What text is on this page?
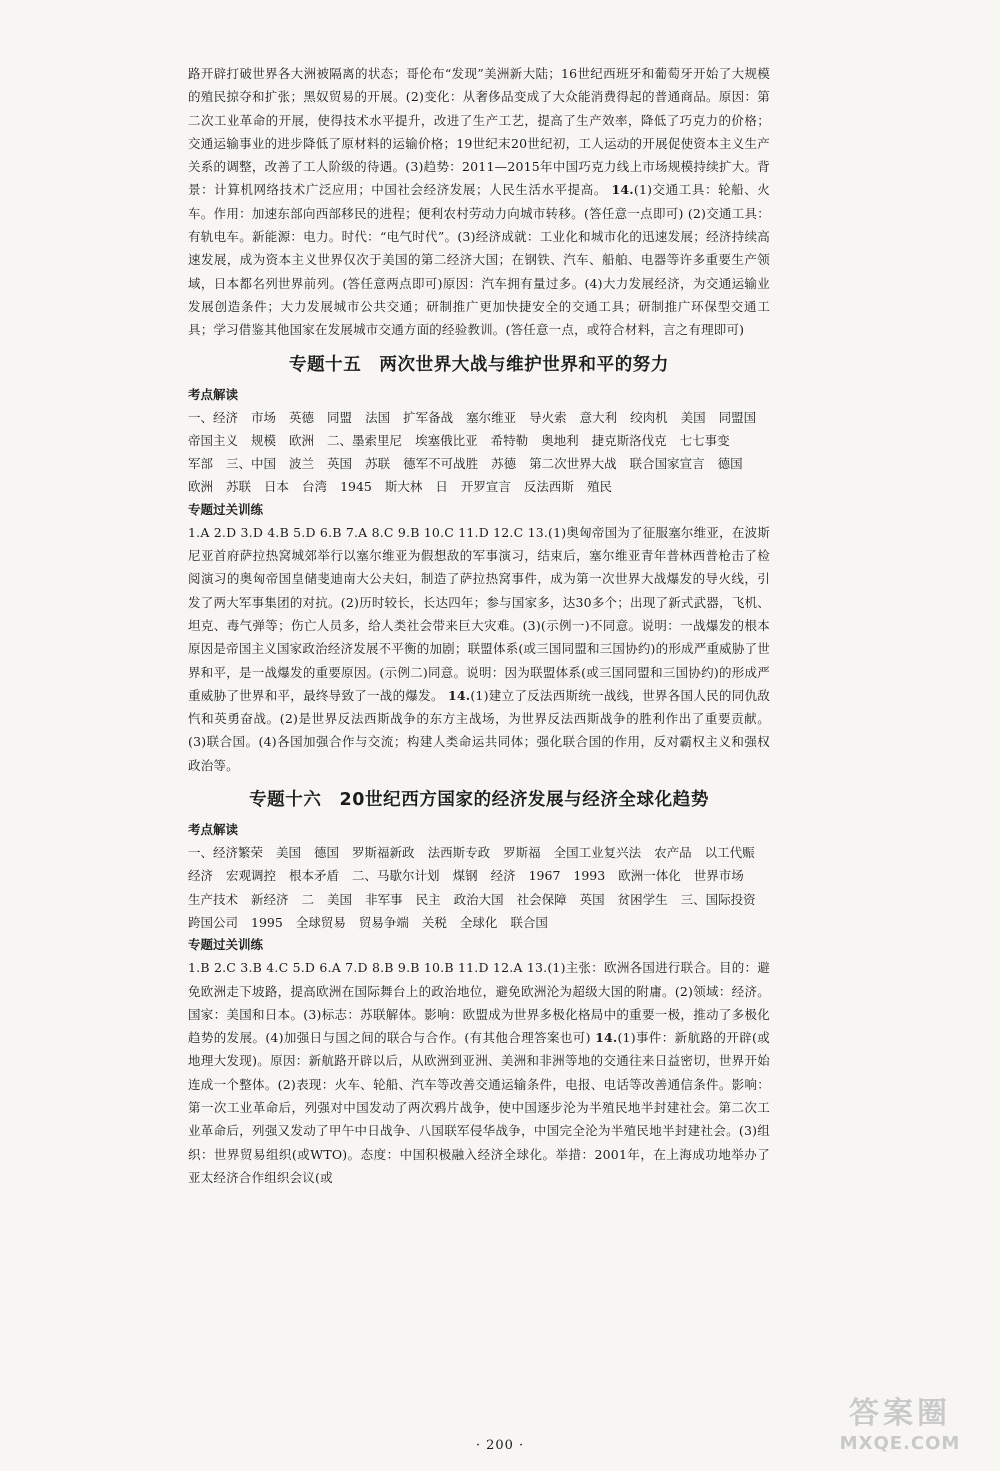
路开辟打破世界各大洲被隔离的状态；哥伦布“发现”美洲新大陆；16世纪西班牙和葡萄牙开始了大规模的殖民掠夺和扩张；黑奴贸易的开展。(2)变化：从奢侈品变成了大众能消费得起的普通商品。原因：第二次工业革命的开展，使得技术水平提升，改进了生产工艺，提高了生产效率，降低了巧克力的价格；交通运输事业的进步降低了原材料的运输价格；19世纪末20世纪初，工人运动的开展促使资本主义生产关系的调整，改善了工人阶级的待遇。(3)趋势：2011—2015年中国巧克力线上市场规模持续扩大。背景：计算机网络技术广泛应用；中国社会经济发展；人民生活水平提高。 14.(1)交通工具：轮船、火车。作用：加速东部向西部移民的进程；便利农村劳动力向城市转移。(答任意一点即可) (2)交通工具：有轨电车。新能源：电力。时代：“电气时代”。(3)经济成就：工业化和城市化的迅速发展；经济持续高速发展，成为资本主义世界仅次于美国的第二经济大国；在钢铁、汽车、船舶、电器等许多重要生产领域，日本都名列世界前列。(答任意两点即可)原因：汽车拥有量过多。(4)大力发展经济，为交通运输业发展创造条件；大力发展城市公共交通；研制推广更加快捷安全的交通工具；研制推广环保型交通工具；学习借鉴其他国家在发展城市交通方面的经验教训。(答任意一点，或符合材料，言之有理即可)

专题十五 两次世界大战与维护世界和平的努力

考点解读

一、经济 市场 英德 同盟 法国 扩军备战 塞尔维亚 导火索 意大利 绞肉机 美国 同盟国帝国主义 规模 欧洲 二、墨索里尼 埃塞俄比亚 希特勒 奥地利 捷克斯洛伐克 七七事变军部 三、中国 波兰 英国 苏联 德军不可战胜 苏德 第二次世界大战 联合国家宣言 德国欧洲 苏联 日本 台湾 1945 斯大林 日 开罗宣言 反法西斯 殖民

专题过关训练

1.A 2.D 3.D 4.B 5.D 6.B 7.A 8.C 9.B 10.C 11.D 12.C 13.(1)奥匈帝国为了征服塞尔维亚，在波斯尼亚首府萨拉热窝城郊举行以塞尔维亚为假想敌的军事演习，结束后，塞尔维亚青年普林西普枪击了检阅演习的奥匈帝国皇储斐迪南大公夫妇，制造了萨拉热窝事件，成为第一次世界大战爆发的导火线，引发了两大军事集团的对抗。(2)历时较长，长达四年；参与国家多，达30多个；出现了新式武器，飞机、坦克、毒气弹等；伤亡人员多，给人类社会带来巨大灾难。(3)(示例一)不同意。说明：一战爆发的根本原因是帝国主义国家政治经济发展不平衡的加剧；联盟体系(或三国同盟和三国协约)的形成严重威胁了世界和平，是一战爆发的重要原因。(示例二)同意。说明：因为联盟体系(或三国同盟和三国协约)的形成严重威胁了世界和平，最终导致了一战的爆发。 14.(1)建立了反法西斯统一战线，世界各国人民的同仇敌忾和英勇奋战。(2)是世界反法西斯战争的东方主战场，为世界反法西斯战争的胜利作出了重要贡献。(3)联合国。(4)各国加强合作与交流；构建人类命运共同体；强化联合国的作用，反对霸权主义和强权政治等。

专题十六 20世纪西方国家的经济发展与经济全球化趋势

考点解读

一、经济繁荣 美国 德国 罗斯福新政 法西斯专政 罗斯福 全国工业复兴法 农产品 以工代赈经济 宏观调控 根本矛盾 二、马歇尔计划 煤钢 经济 1967 1993 欧洲一体化 世界市场生产技术 新经济 二 美国 非军事 民主 政治大国 社会保障 英国 贫困学生 三、国际投资跨国公司 1995 全球贸易 贸易争端 关税 全球化 联合国

专题过关训练

1.B 2.C 3.B 4.C 5.D 6.A 7.D 8.B 9.B 10.B 11.D 12.A 13.(1)主张：欧洲各国进行联合。目的：避免欧洲走下坡路，提高欧洲在国际舞台上的政治地位，避免欧洲沦为超级大国的附庸。(2)领域：经济。国家：美国和日本。(3)标志：苏联解体。影响：欧盟成为世界多极化格局中的重要一极，推动了多极化趋势的发展。(4)加强日与国之间的联合与合作。(有其他合理答案也可) 14.(1)事件：新航路的开辟(或地理大发现)。原因：新航路开辟以后，从欧洲到亚洲、美洲和非洲等地的交通往来日益密切，世界开始连成一个整体。(2)表现：火车、轮船、汽车等改善交通运输条件，电报、电话等改善通信条件。影响：第一次工业革命后，列强对中国发动了两次鸦片战争，使中国逐步沦为半殖民地半封建社会。第二次工业革命后，列强又发动了甲午中日战争、八国联军侵华战争，中国完全沦为半殖民地半封建社会。(3)组织：世界贸易组织(或WTO)。态度：中国积极融入经济全球化。举措：2001年，在上海成功地举办了亚太经济合作组织会议(或

· 200 ·
答案圈
MXQE.COM
